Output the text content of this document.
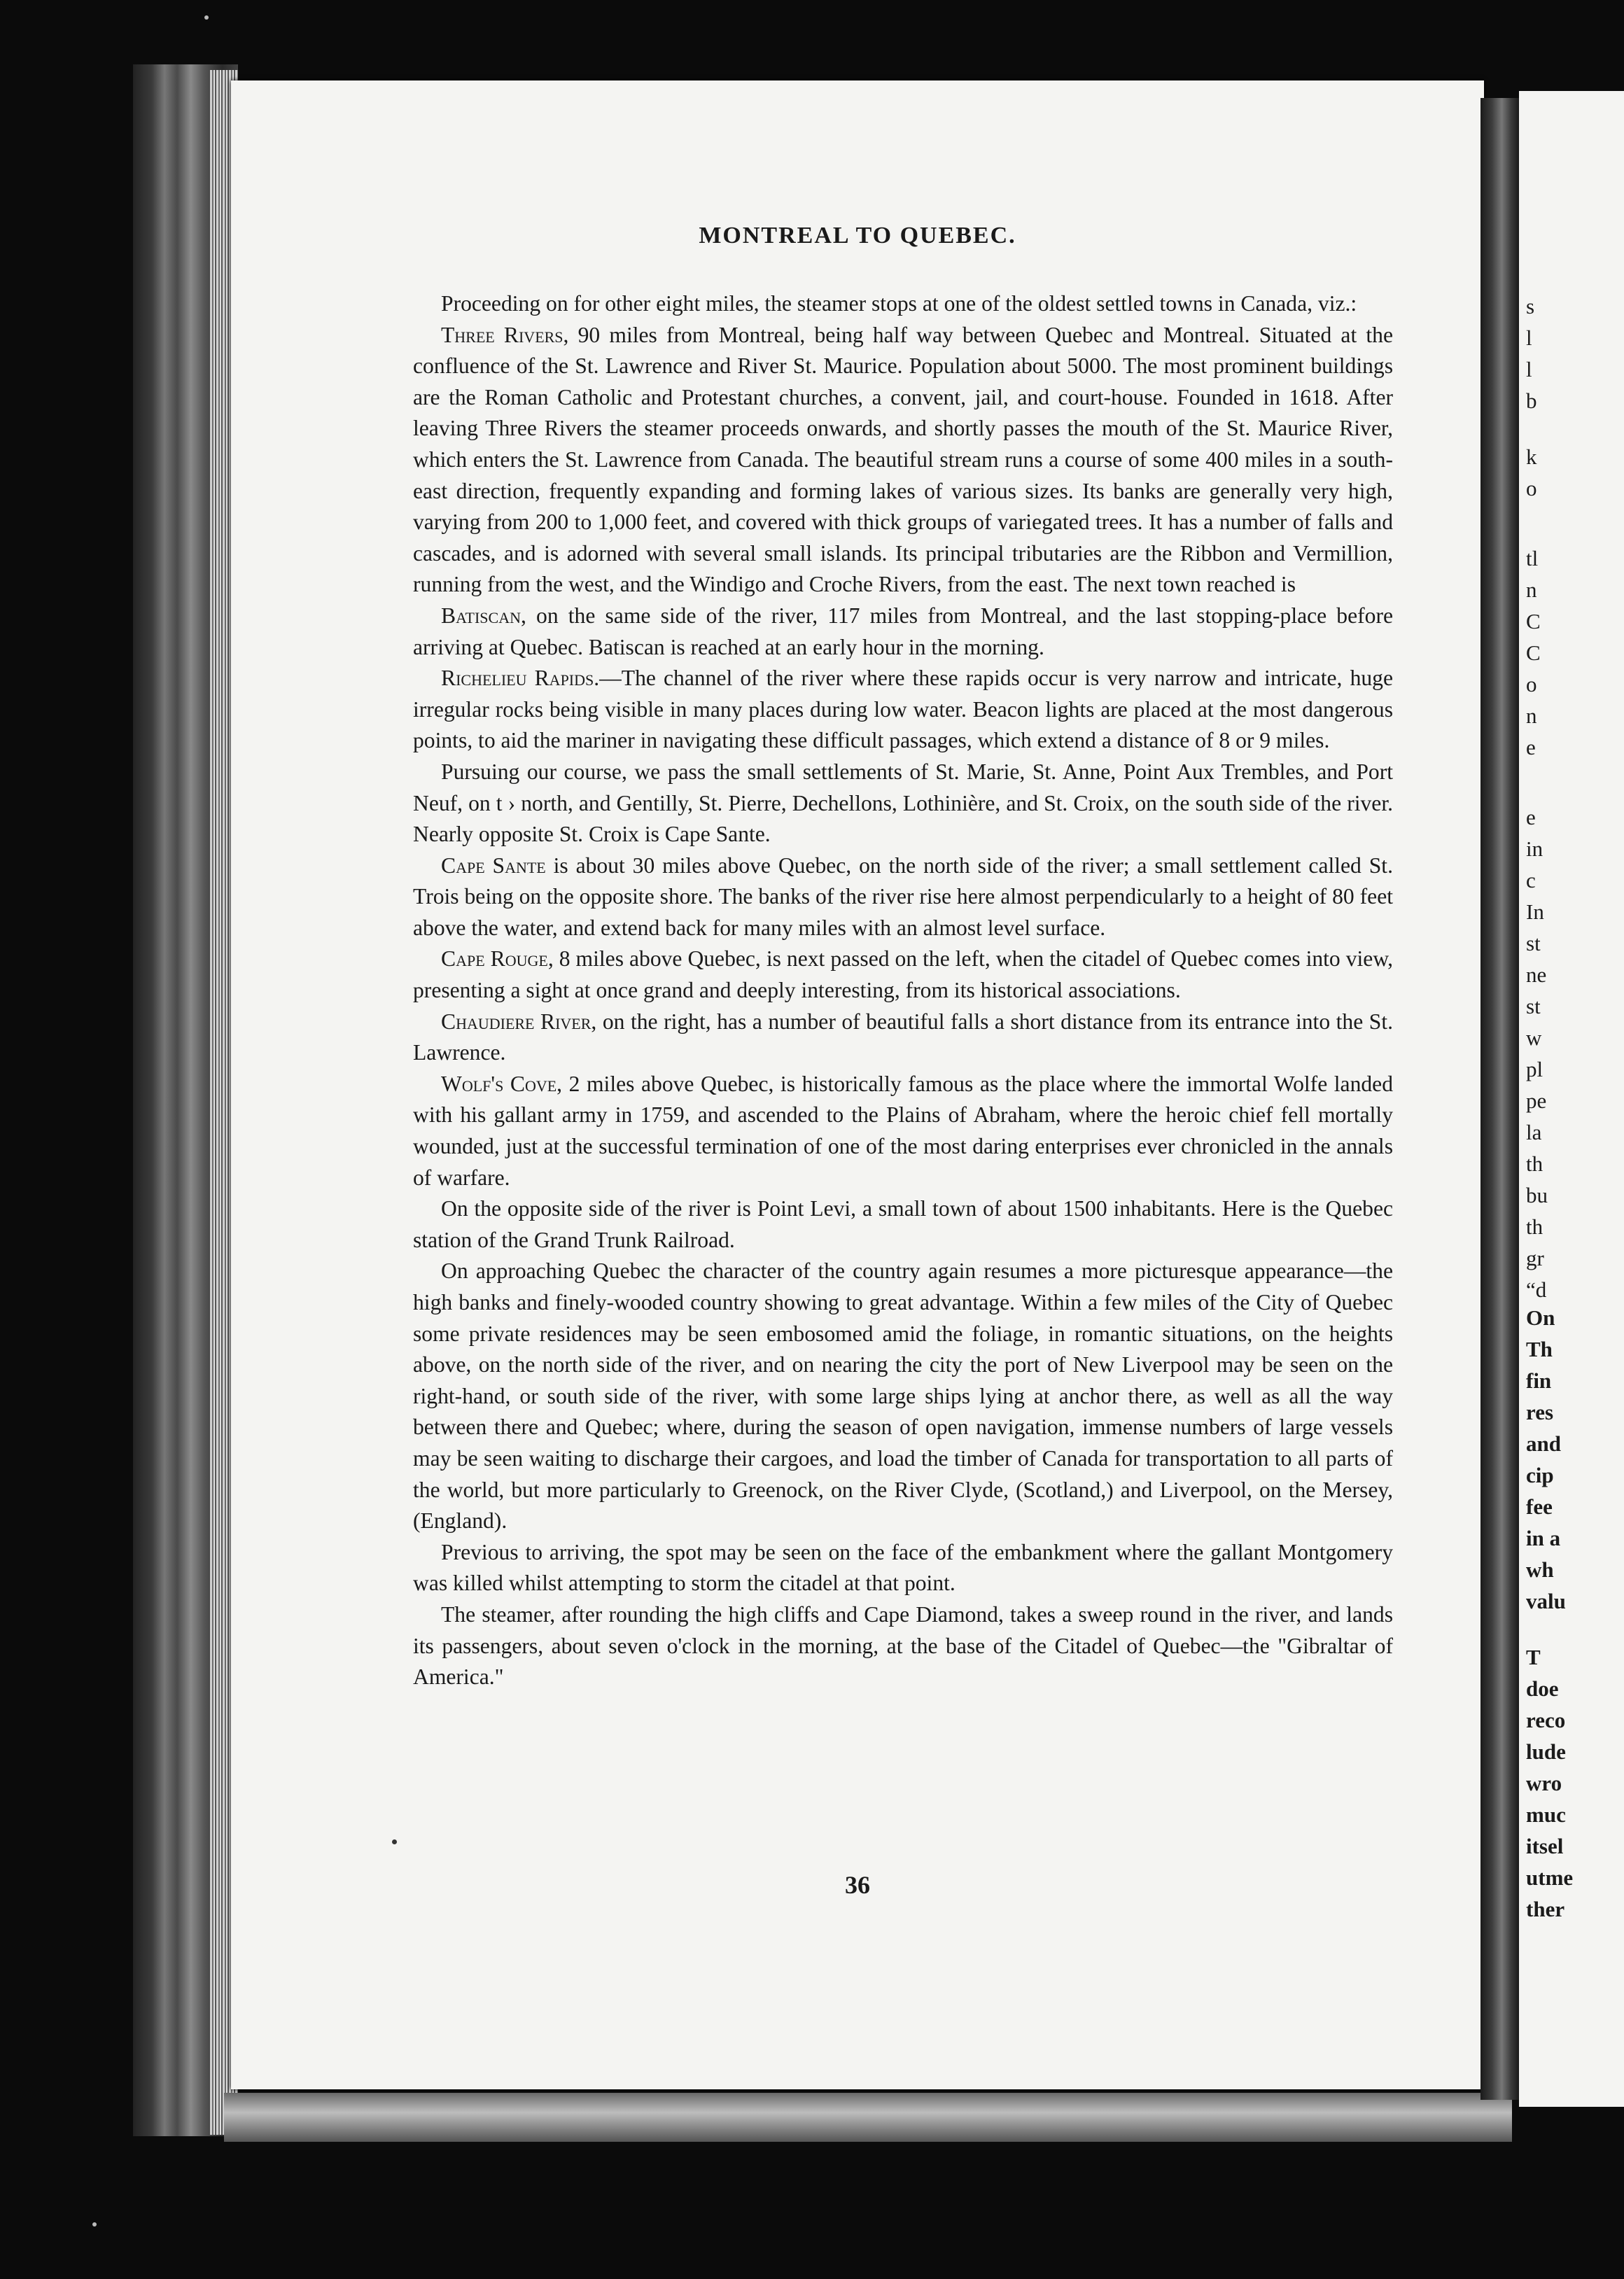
s
l
l
b
k
o
tl
n
C
C
o
n
e
e
in
c
In
st
ne
st
w
pl
pe
la
th
bu
th
gr
“d
On
Th
fin
res
and
cip
fee
in a
wh
valu
T
doe
reco
lude
wro
muc
itsel
utme
ther
MONTREAL TO QUEBEC.

Proceeding on for other eight miles, the steamer stops at one of the oldest settled towns in Canada, viz.:

Three Rivers, 90 miles from Montreal, being half way between Quebec and Montreal. Situated at the confluence of the St. Lawrence and River St. Maurice. Population about 5000. The most prominent buildings are the Roman Catholic and Protestant churches, a convent, jail, and court-house. Founded in 1618. After leaving Three Rivers the steamer proceeds onwards, and shortly passes the mouth of the St. Maurice River, which enters the St. Lawrence from Canada. The beautiful stream runs a course of some 400 miles in a south-east direction, frequently expanding and forming lakes of various sizes. Its banks are generally very high, varying from 200 to 1,000 feet, and covered with thick groups of variegated trees. It has a number of falls and cascades, and is adorned with several small islands. Its principal tributaries are the Ribbon and Vermillion, running from the west, and the Windigo and Croche Rivers, from the east. The next town reached is

Batiscan, on the same side of the river, 117 miles from Montreal, and the last stopping-place before arriving at Quebec. Batiscan is reached at an early hour in the morning.

Richelieu Rapids.—The channel of the river where these rapids occur is very narrow and intricate, huge irregular rocks being visible in many places during low water. Beacon lights are placed at the most dangerous points, to aid the mariner in navigating these difficult passages, which extend a distance of 8 or 9 miles.

Pursuing our course, we pass the small settlements of St. Marie, St. Anne, Point Aux Trembles, and Port Neuf, on t › north, and Gentilly, St. Pierre, Dechellons, Lothinière, and St. Croix, on the south side of the river. Nearly opposite St. Croix is Cape Sante.

Cape Sante is about 30 miles above Quebec, on the north side of the river; a small settlement called St. Trois being on the opposite shore. The banks of the river rise here almost perpendicularly to a height of 80 feet above the water, and extend back for many miles with an almost level surface.

Cape Rouge, 8 miles above Quebec, is next passed on the left, when the citadel of Quebec comes into view, presenting a sight at once grand and deeply interesting, from its historical associations.

Chaudiere River, on the right, has a number of beautiful falls a short distance from its entrance into the St. Lawrence.

Wolf's Cove, 2 miles above Quebec, is historically famous as the place where the immortal Wolfe landed with his gallant army in 1759, and ascended to the Plains of Abraham, where the heroic chief fell mortally wounded, just at the successful termination of one of the most daring enterprises ever chronicled in the annals of warfare.

On the opposite side of the river is Point Levi, a small town of about 1500 inhabitants. Here is the Quebec station of the Grand Trunk Railroad.

On approaching Quebec the character of the country again resumes a more picturesque appearance—the high banks and finely-wooded country showing to great advantage. Within a few miles of the City of Quebec some private residences may be seen embosomed amid the foliage, in romantic situations, on the heights above, on the north side of the river, and on nearing the city the port of New Liverpool may be seen on the right-hand, or south side of the river, with some large ships lying at anchor there, as well as all the way between there and Quebec; where, during the season of open navigation, immense numbers of large vessels may be seen waiting to discharge their cargoes, and load the timber of Canada for transportation to all parts of the world, but more particularly to Greenock, on the River Clyde, (Scotland,) and Liverpool, on the Mersey, (England).

Previous to arriving, the spot may be seen on the face of the embankment where the gallant Montgomery was killed whilst attempting to storm the citadel at that point.

The steamer, after rounding the high cliffs and Cape Diamond, takes a sweep round in the river, and lands its passengers, about seven o'clock in the morning, at the base of the Citadel of Quebec—the "Gibraltar of America."

36
